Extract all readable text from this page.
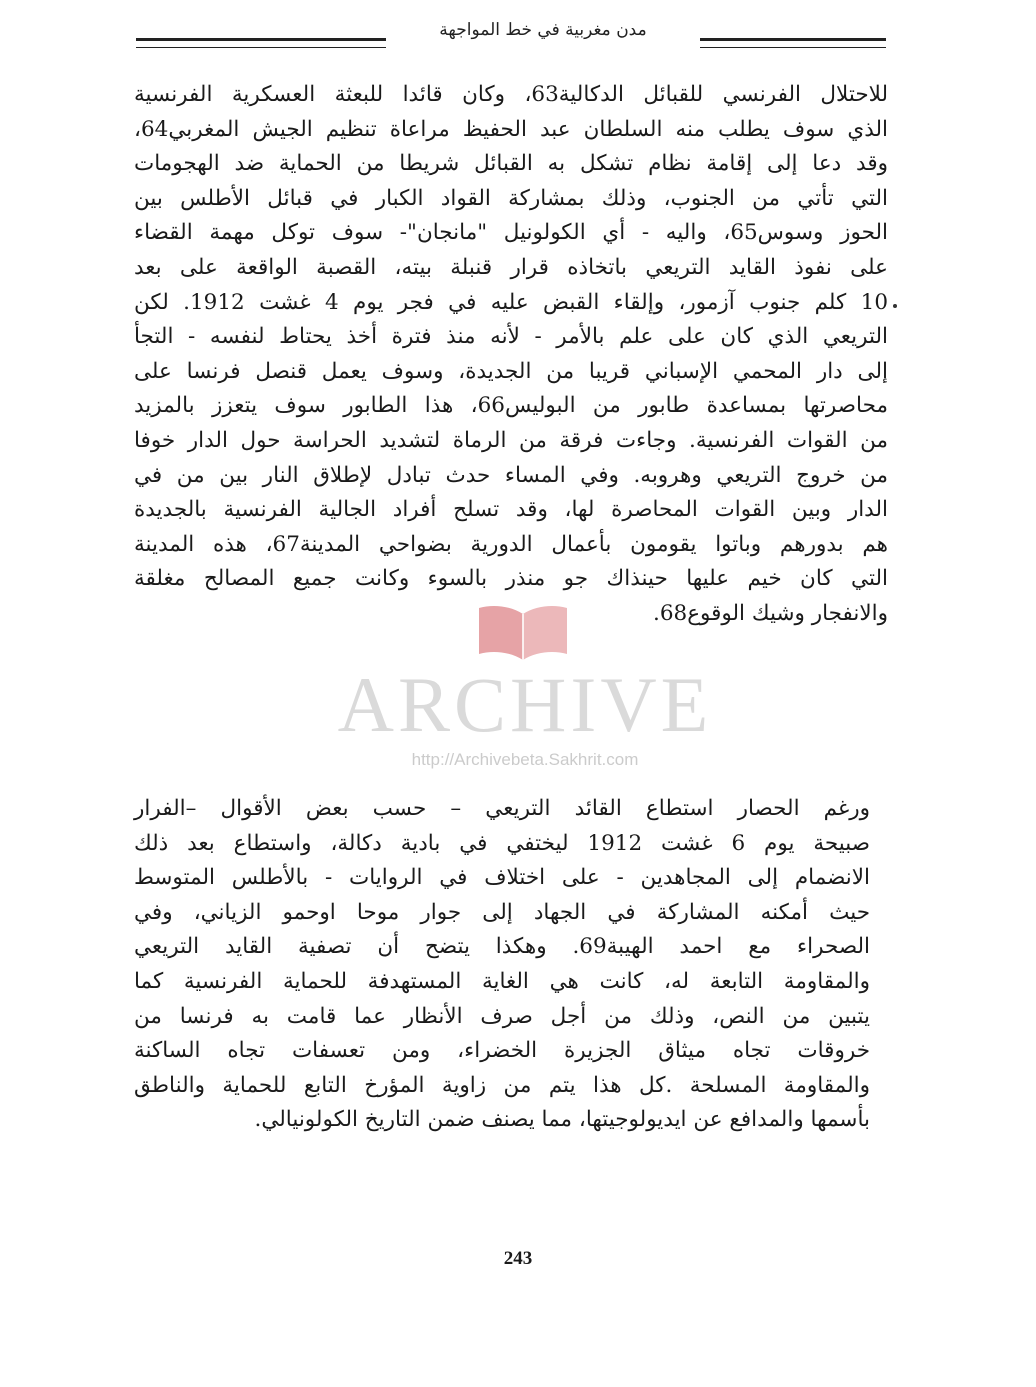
مدن مغربية في خط المواجهة
للاحتلال الفرنسي للقبائل الدكالية63، وكان قائدا للبعثة العسكرية الفرنسية
الذي سوف يطلب منه السلطان عبد الحفيظ مراعاة تنظيم الجيش المغربي64،
وقد دعا إلى إقامة نظام تشكل به القبائل شريطا من الحماية ضد الهجومات
التي تأتي من الجنوب، وذلك بمشاركة القواد الكبار في قبائل الأطلس بين
الحوز وسوس65، واليه - أي الكولونيل "مانجان"- سوف توكل مهمة القضاء
على نفوذ القايد التريعي باتخاذه قرار قنبلة بيته، القصبة الواقعة على بعد
10 كلم جنوب آزمور، وإلقاء القبض عليه في فجر يوم 4 غشت 1912. لكن
التريعي الذي كان على علم بالأمر - لأنه منذ فترة أخذ يحتاط لنفسه - التجأ
إلى دار المحمي الإسباني قريبا من الجديدة، وسوف يعمل قنصل فرنسا على
محاصرتها بمساعدة طابور من البوليس66، هذا الطابور سوف يتعزز بالمزيد
من القوات الفرنسية. وجاءت فرقة من الرماة لتشديد الحراسة حول الدار خوفا
من خروج التريعي وهروبه. وفي المساء حدث تبادل لإطلاق النار بين من في
الدار وبين القوات المحاصرة لها، وقد تسلح أفراد الجالية الفرنسية بالجديدة
هم بدورهم وباتوا يقومون بأعمال الدورية بضواحي المدينة67، هذه المدينة
التي كان خيم عليها حينذاك جو منذر بالسوء وكانت جميع المصالح مغلقة
والانفجار وشيك الوقوع68.
ورغم الحصار استطاع القائد التريعي – حسب بعض الأقوال –الفرار
صبيحة يوم 6 غشت 1912 ليختفي في بادية دكالة، واستطاع بعد ذلك
الانضمام إلى المجاهدين - على اختلاف في الروايات - بالأطلس المتوسط
حيث أمكنه المشاركة في الجهاد إلى جوار موحا اوحمو الزياني، وفي
الصحراء مع احمد الهيبة69. وهكذا يتضح أن تصفية القايد التريعي
والمقاومة التابعة له، كانت هي الغاية المستهدفة للحماية الفرنسية كما
يتبين من النص، وذلك من أجل صرف الأنظار عما قامت به فرنسا من
خروقات تجاه ميثاق الجزيرة الخضراء، ومن تعسفات تجاه الساكنة
والمقاومة المسلحة .كل هذا يتم من زاوية المؤرخ التابع للحماية والناطق
بأسمها والمدافع عن ايديولوجيتها، مما يصنف ضمن التاريخ الكولونيالي.
ARCHIVE
http://Archivebeta.Sakhrit.com
243
